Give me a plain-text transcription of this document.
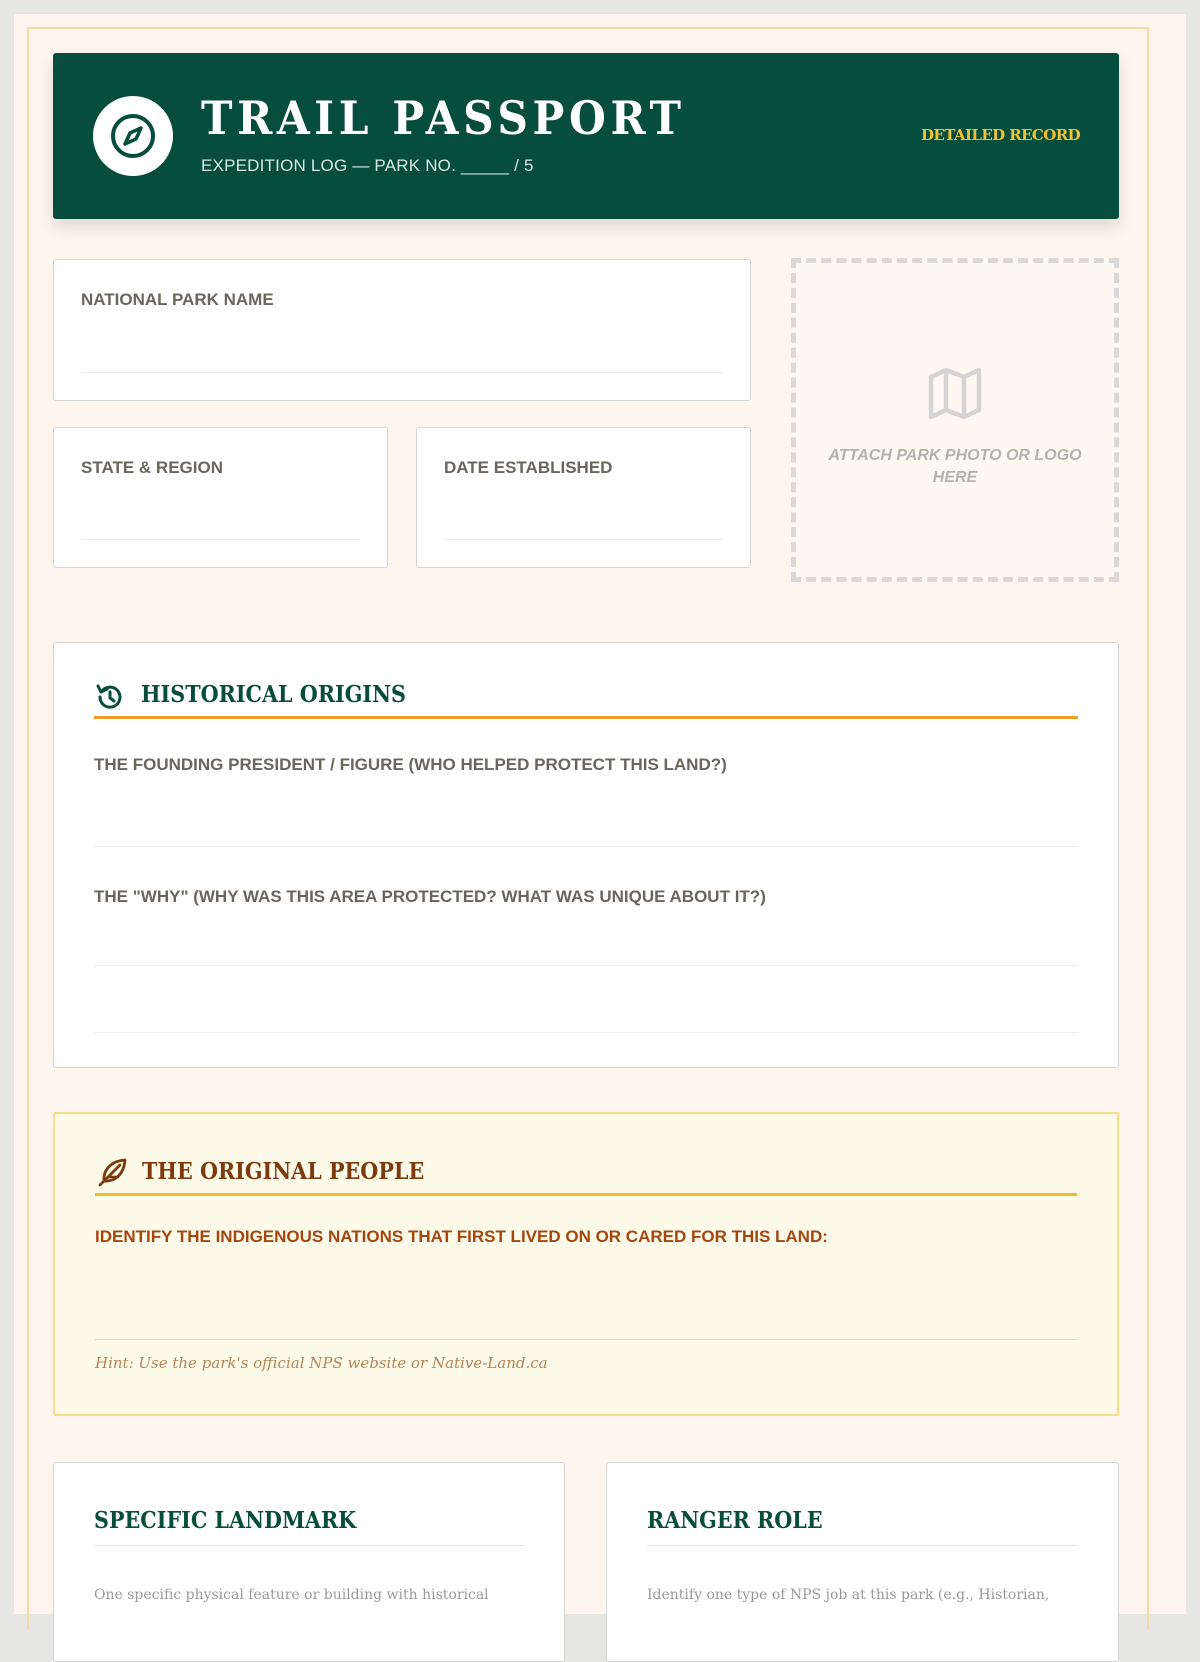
TRAIL PASSPORT
EXPEDITION LOG — PARK NO. _____ / 5
DETAILED RECORD
NATIONAL PARK NAME
STATE & REGION	DATE ESTABLISHED
ATTACH PARK PHOTO OR LOGO HERE
HISTORICAL ORIGINS
THE FOUNDING PRESIDENT / FIGURE (WHO HELPED PROTECT THIS LAND?)
THE "WHY" (WHY WAS THIS AREA PROTECTED? WHAT WAS UNIQUE ABOUT IT?)
THE ORIGINAL PEOPLE
IDENTIFY THE INDIGENOUS NATIONS THAT FIRST LIVED ON OR CARED FOR THIS LAND:
Hint: Use the park's official NPS website or Native-Land.ca
SPECIFIC LANDMARK
One specific physical feature or building with historical
RANGER ROLE
Identify one type of NPS job at this park (e.g., Historian,
